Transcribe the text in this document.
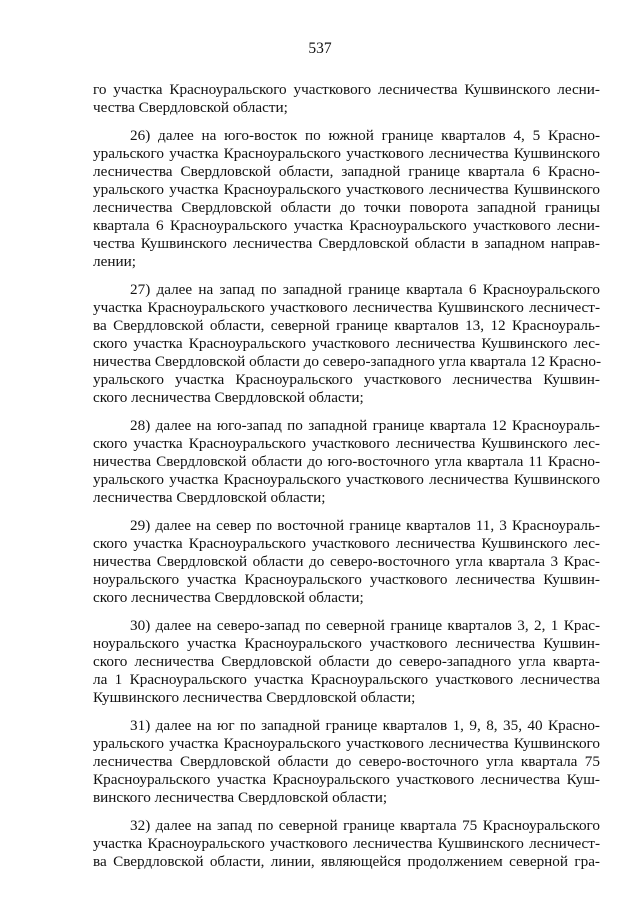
537
го участка Красноуральского участкового лесничества Кушвинского лесни-
чества Свердловской области;
26) далее на юго-восток по южной границе кварталов 4, 5 Красно-
уральского участка Красноуральского участкового лесничества Кушвинского
лесничества Свердловской области, западной границе квартала 6 Красно-
уральского участка Красноуральского участкового лесничества Кушвинского
лесничества Свердловской области до точки поворота западной границы
квартала 6 Красноуральского участка Красноуральского участкового лесни-
чества Кушвинского лесничества Свердловской области в западном направ-
лении;
27) далее на запад по западной границе квартала 6 Красноуральского
участка Красноуральского участкового лесничества Кушвинского лесничест-
ва Свердловской области, северной границе кварталов 13, 12 Красноураль-
ского участка Красноуральского участкового лесничества Кушвинского лес-
ничества Свердловской области до северо-западного угла квартала 12 Красно-
уральского участка Красноуральского участкового лесничества Кушвин-
ского лесничества Свердловской области;
28) далее на юго-запад по западной границе квартала 12 Красноураль-
ского участка Красноуральского участкового лесничества Кушвинского лес-
ничества Свердловской области до юго-восточного угла квартала 11 Красно-
уральского участка Красноуральского участкового лесничества Кушвинского
лесничества Свердловской области;
29) далее на север по восточной границе кварталов 11, 3 Красноураль-
ского участка Красноуральского участкового лесничества Кушвинского лес-
ничества Свердловской области до северо-восточного угла квартала 3 Крас-
ноуральского участка Красноуральского участкового лесничества Кушвин-
ского лесничества Свердловской области;
30) далее на северо-запад по северной границе кварталов 3, 2, 1 Крас-
ноуральского участка Красноуральского участкового лесничества Кушвин-
ского лесничества Свердловской области до северо-западного угла кварта-
ла 1 Красноуральского участка Красноуральского участкового лесничества
Кушвинского лесничества Свердловской области;
31) далее на юг по западной границе кварталов 1, 9, 8, 35, 40 Красно-
уральского участка Красноуральского участкового лесничества Кушвинского
лесничества Свердловской области до северо-восточного угла квартала 75
Красноуральского участка Красноуральского участкового лесничества Куш-
винского лесничества Свердловской области;
32) далее на запад по северной границе квартала 75 Красноуральского
участка Красноуральского участкового лесничества Кушвинского лесничест-
ва Свердловской области, линии, являющейся продолжением северной гра-
